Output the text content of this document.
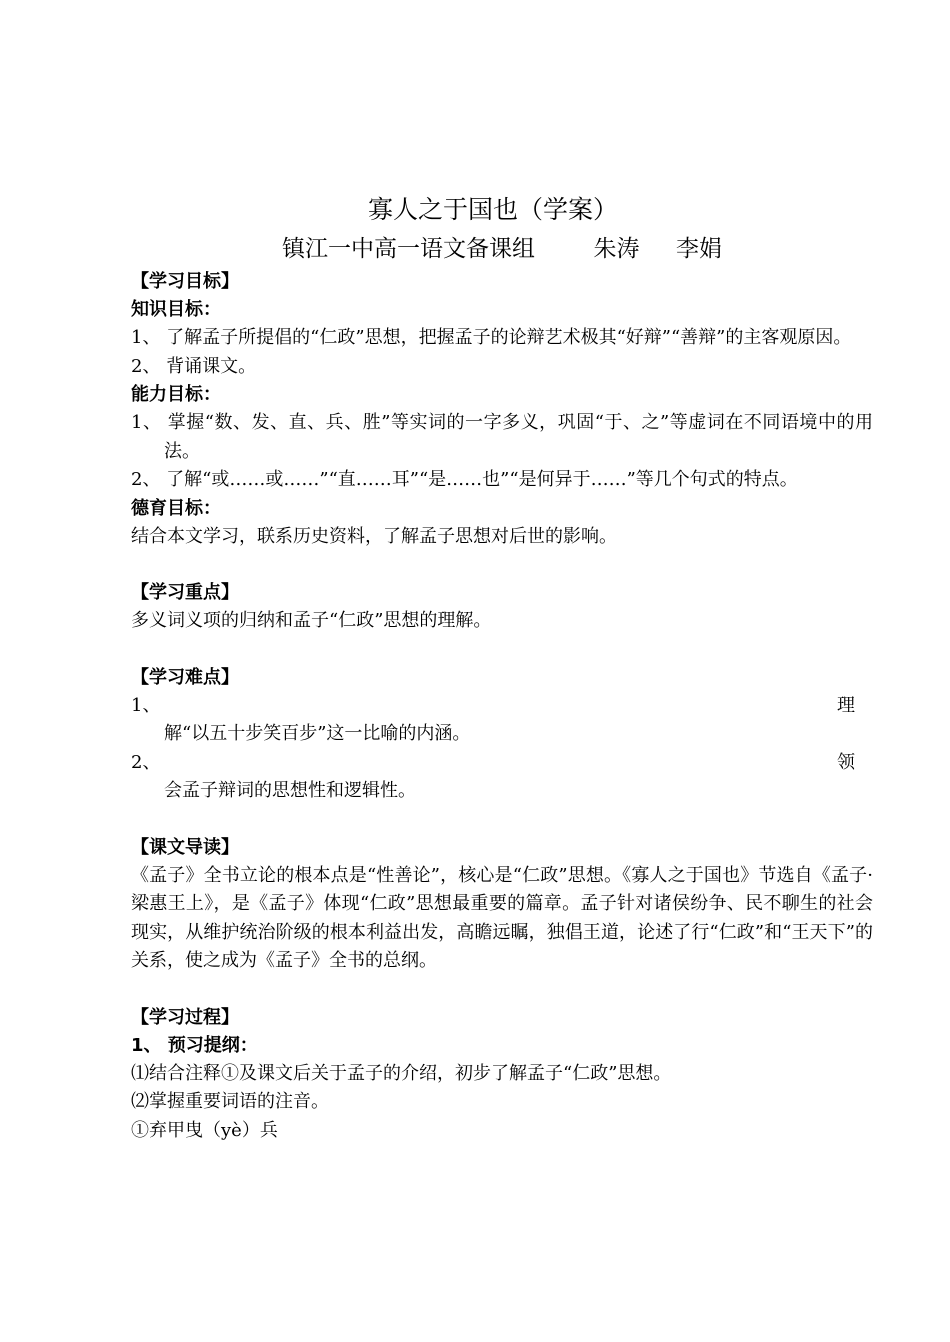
寡人之于国也（学案）
镇江一中高一语文备课组        朱涛     李娟
【学习目标】
知识目标：
1、 了解孟子所提倡的“仁政”思想，把握孟子的论辩艺术极其“好辩”“善辩”的主客观原因。
2、 背诵课文。
能力目标：
1、 掌握“数、发、直、兵、胜”等实词的一字多义，巩固“于、之”等虚词在不同语境中的用法。
2、 了解“或……或……”“直……耳”“是……也”“是何异于……”等几个句式的特点。
德育目标：
结合本文学习，联系历史资料，了解孟子思想对后世的影响。
【学习重点】
多义词义项的归纳和孟子“仁政”思想的理解。
【学习难点】
1、	理
解“以五十步笑百步”这一比喻的内涵。
2、	领
会孟子辩词的思想性和逻辑性。
【课文导读】
《孟子》全书立论的根本点是“性善论”，核心是“仁政”思想。《寡人之于国也》节选自《孟子·梁惠王上》，是《孟子》体现“仁政”思想最重要的篇章。孟子针对诸侯纷争、民不聊生的社会现实，从维护统治阶级的根本利益出发，高瞻远瞩，独倡王道，论述了行“仁政”和“王天下”的关系，使之成为《孟子》全书的总纲。
【学习过程】
1、 预习提纲：
⑴结合注释①及课文后关于孟子的介绍，初步了解孟子“仁政”思想。
⑵掌握重要词语的注音。
①弃甲曳（yè）兵
